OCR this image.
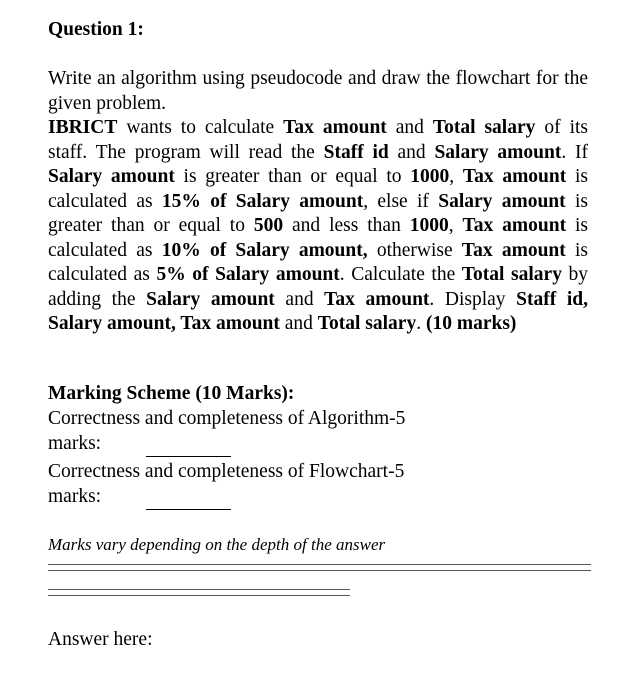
Question 1:
Write an algorithm using pseudocode and draw the flowchart for the given problem.
IBRICT wants to calculate Tax amount and Total salary of its staff. The program will read the Staff id and Salary amount. If Salary amount is greater than or equal to 1000, Tax amount is calculated as 15% of Salary amount, else if Salary amount is greater than or equal to 500 and less than 1000, Tax amount is calculated as 10% of Salary amount, otherwise Tax amount is calculated as 5% of Salary amount. Calculate the Total salary by adding the Salary amount and Tax amount. Display Staff id, Salary amount, Tax amount and Total salary. (10 marks)
Marking Scheme (10 Marks):
Correctness and completeness of Algorithm-5
marks:
Correctness and completeness of Flowchart-5
marks:
Marks vary depending on the depth of the answer
Answer here:
